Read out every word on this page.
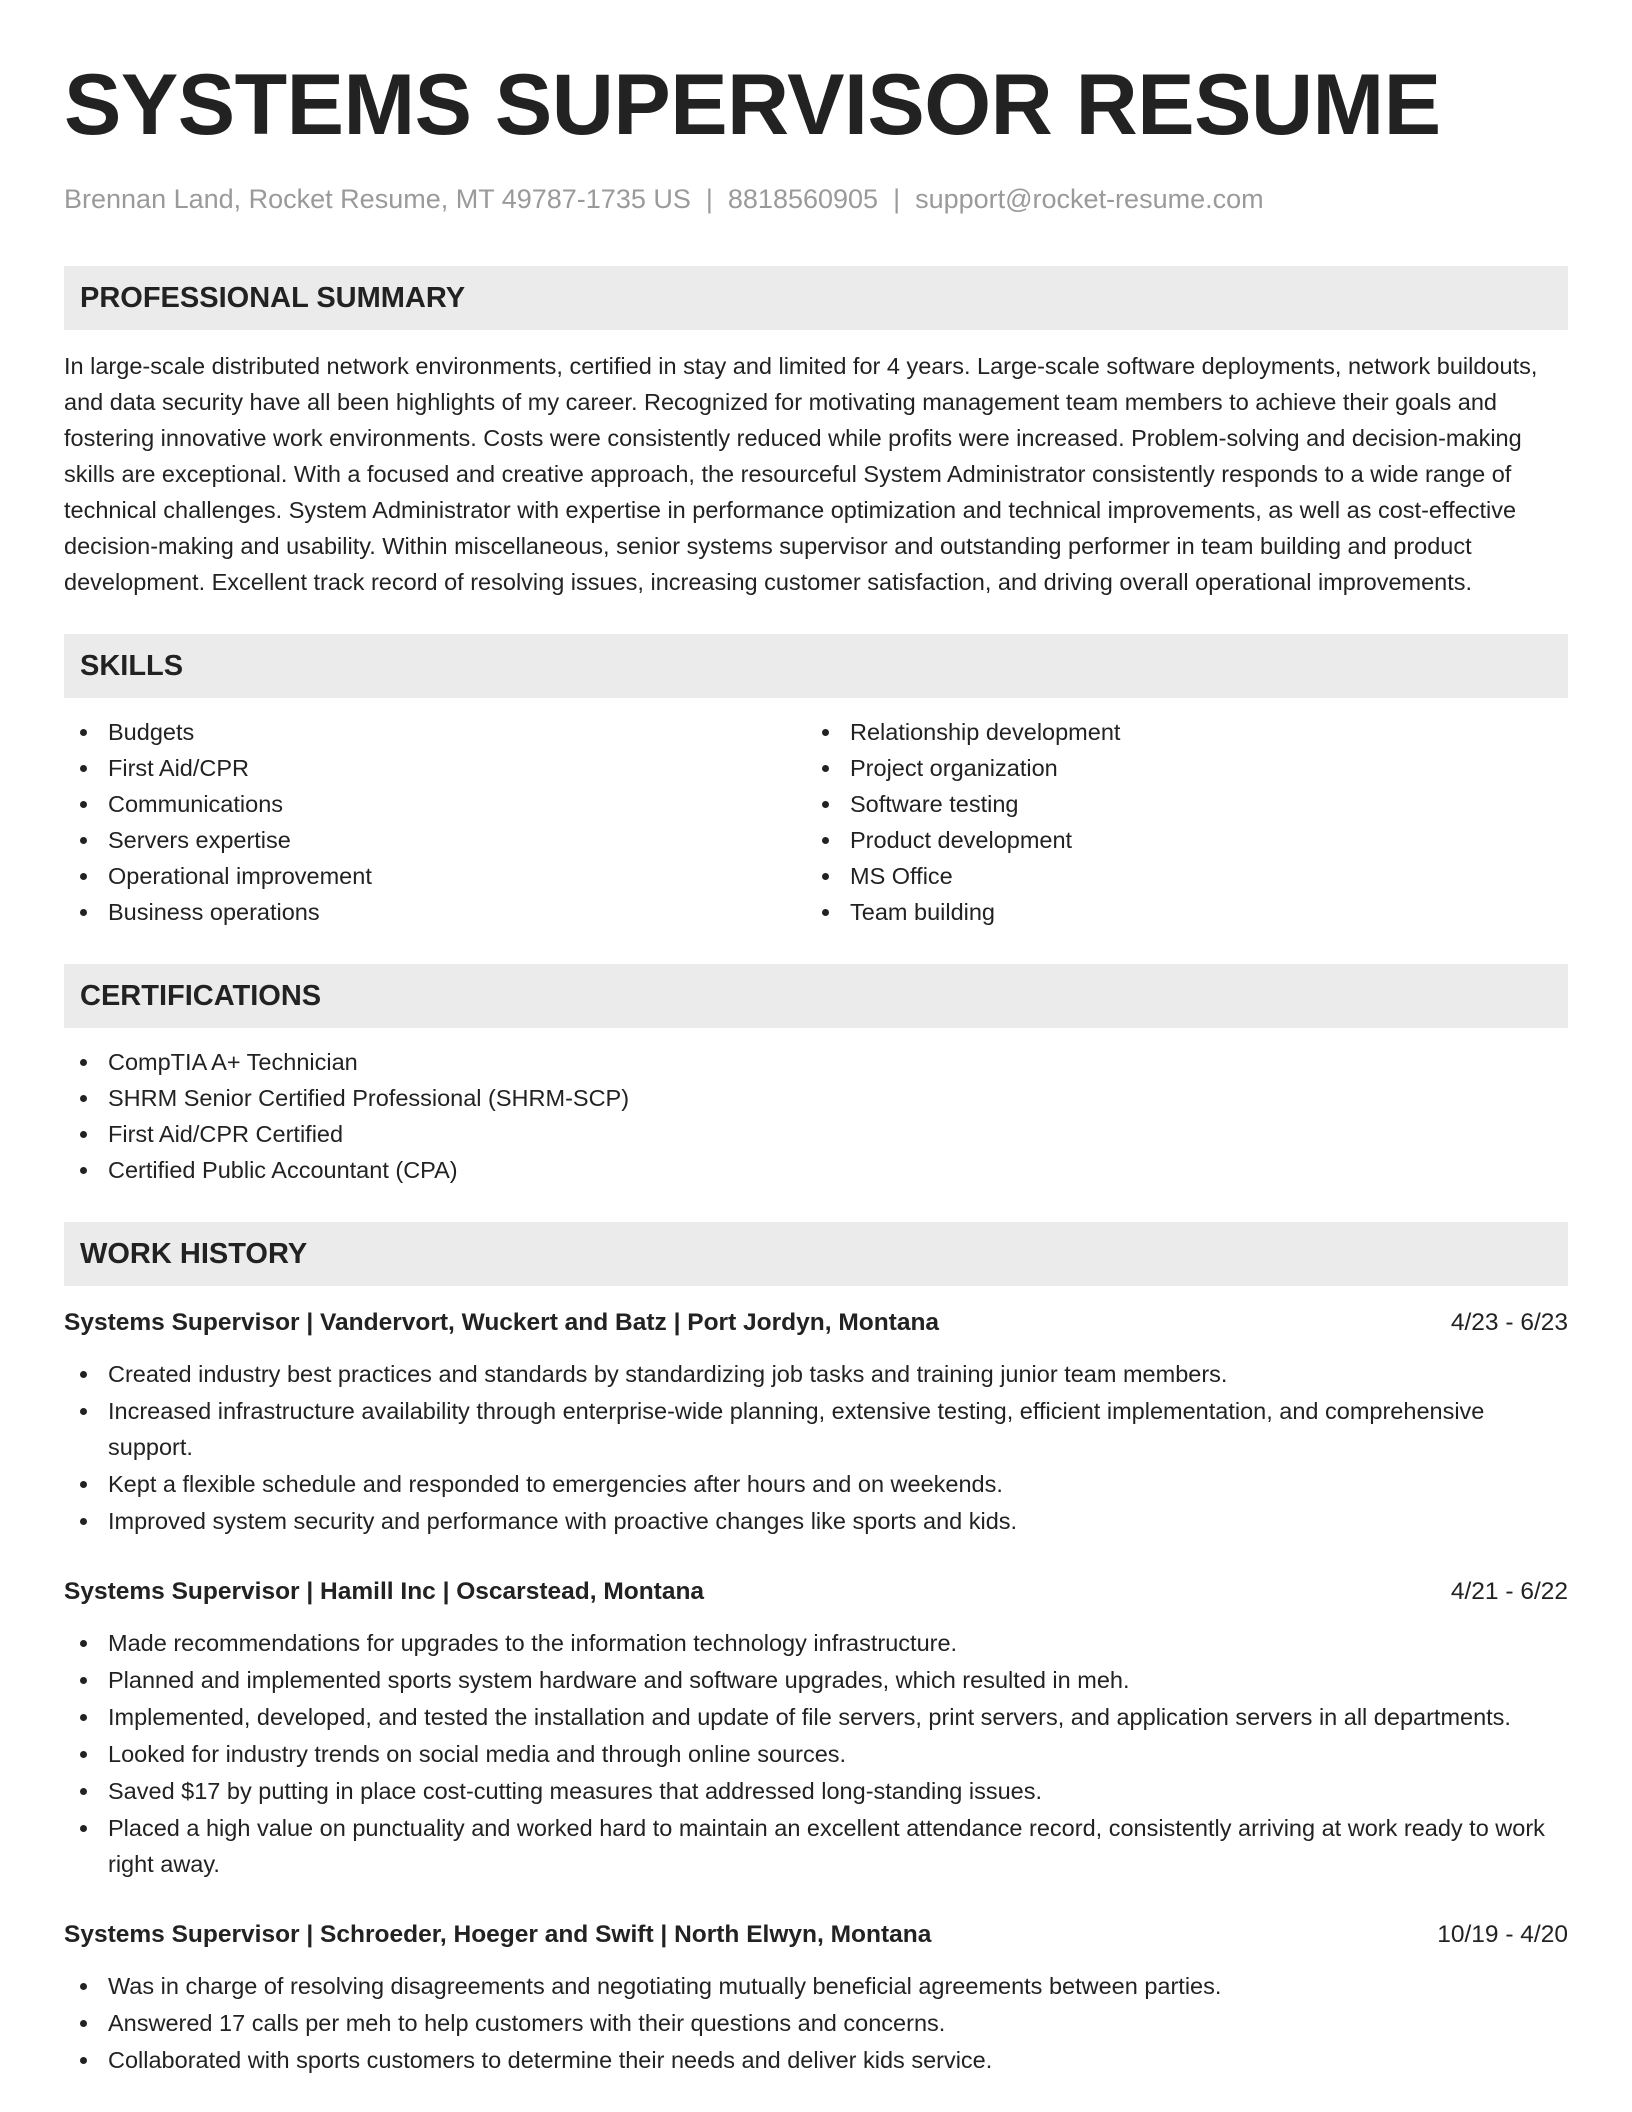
SYSTEMS SUPERVISOR RESUME
Brennan Land, Rocket Resume, MT 49787-1735 US | 8818560905 | support@rocket-resume.com
PROFESSIONAL SUMMARY

In large-scale distributed network environments, certified in stay and limited for 4 years. Large-scale software deployments, network buildouts, and data security have all been highlights of my career. Recognized for motivating management team members to achieve their goals and fostering innovative work environments. Costs were consistently reduced while profits were increased. Problem-solving and decision-making skills are exceptional. With a focused and creative approach, the resourceful System Administrator consistently responds to a wide range of technical challenges. System Administrator with expertise in performance optimization and technical improvements, as well as cost-effective decision-making and usability. Within miscellaneous, senior systems supervisor and outstanding performer in team building and product development. Excellent track record of resolving issues, increasing customer satisfaction, and driving overall operational improvements.

SKILLS
Budgets
First Aid/CPR
Communications
Servers expertise
Operational improvement
Business operations
Relationship development
Project organization
Software testing
Product development
MS Office
Team building
CERTIFICATIONS
CompTIA A+ Technician
SHRM Senior Certified Professional (SHRM-SCP)
First Aid/CPR Certified
Certified Public Accountant (CPA)
WORK HISTORY
Systems Supervisor | Vandervort, Wuckert and Batz | Port Jordyn, Montana	4/23 - 6/23
Created industry best practices and standards by standardizing job tasks and training junior team members.
Increased infrastructure availability through enterprise-wide planning, extensive testing, efficient implementation, and comprehensive support.
Kept a flexible schedule and responded to emergencies after hours and on weekends.
Improved system security and performance with proactive changes like sports and kids.
Systems Supervisor | Hamill Inc | Oscarstead, Montana	4/21 - 6/22
Made recommendations for upgrades to the information technology infrastructure.
Planned and implemented sports system hardware and software upgrades, which resulted in meh.
Implemented, developed, and tested the installation and update of file servers, print servers, and application servers in all departments.
Looked for industry trends on social media and through online sources.
Saved $17 by putting in place cost-cutting measures that addressed long-standing issues.
Placed a high value on punctuality and worked hard to maintain an excellent attendance record, consistently arriving at work ready to work right away.
Systems Supervisor | Schroeder, Hoeger and Swift | North Elwyn, Montana	10/19 - 4/20
Was in charge of resolving disagreements and negotiating mutually beneficial agreements between parties.
Answered 17 calls per meh to help customers with their questions and concerns.
Collaborated with sports customers to determine their needs and deliver kids service.
